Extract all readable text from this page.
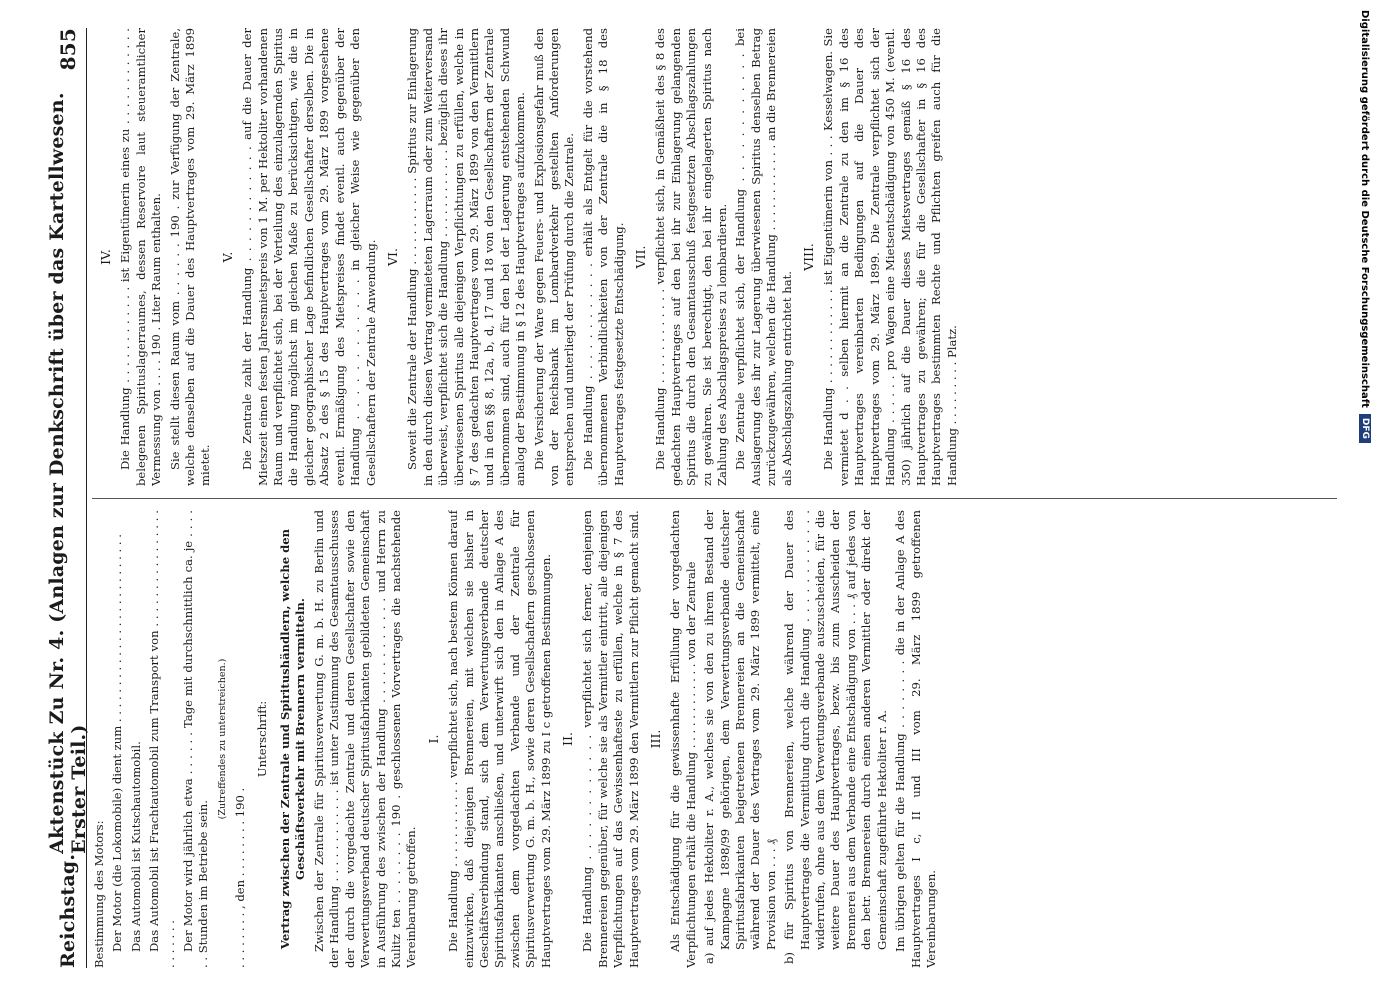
Reichstag.
Aktenstück Zu Nr. 4. (Anlagen zur Denkschrift über das Kartellwesen. Erster Teil.)
855

Bestimmung des Motors: Der Motor (die Lokomobile) dient zum . . . . . . . . . . . . . . . . . . . . . . . . . . Das Automobil ist Kutschautomobil. Das Automobil ist Frachtautomobil zum Transport von . . . . . . . . . . . . . . . . . . . . . . . Der Motor wird jährlich etwa . . . . . . Tage mit durchschnittlich ca. je . . . . . . Stunden im Betriebe sein.

(Zutreffendes zu unterstreichen.)

. . . . . . . . , den . . . . . . . . 190 .

Unterschrift: Vertrag zwischen der Zentrale und Spiritushändlern, welche den Geschäftsverkehr mit Brennern vermitteln. Zwischen der Zentrale für Spiritusverwertung G. m. b. H. zu Berlin und der Handlung . . . . . . . . . . . . ist unter Zustimmung des Gesamtausschusses der durch die vorgedachte Zentrale und deren Gesellschafter sowie den Verwertungsverband deutscher Spiritusfabrikanten gebildeten Gemeinschaft in Ausführung des zwischen der Handlung . . . . . . . . . . . . und Herrn zu Kulitz ten . . . . . . . . 190 . geschlossenen Vorvertrages die nachstehende Vereinbarung getroffen.

I. Die Handlung . . . . . . . . . . . . verpflichtet sich, nach bestem Können darauf einzuwirken, daß diejenigen Brennereien, mit welchen sie bisher in Geschäftsverbindung stand, sich dem Verwertungsverbande deutscher Spiritusfabrikanten anschließen, und unterwirft sich den in Anlage A des zwischen dem vorgedachten Verbande und der Zentrale für Spiritusverwertung G. m. b. H., sowie deren Gesellschaftern geschlossenen Hauptvertrages vom 29. März 1899 zu I c getroffenen Bestimmungen. II. Die Handlung . . . . . . . . . . . . verpflichtet sich ferner, denjenigen Brennereien gegenüber, für welche sie als Vermittler eintritt, alle diejenigen Verpflichtungen auf das Gewissenhafteste zu erfüllen, welche in § 7 des Hauptvertrages vom 29. März 1899 den Vermittlern zur Pflicht gemacht sind. III. Als Entschädigung für die gewissenhafte Erfüllung der vorgedachten Verpflichtungen erhält die Handlung . . . . . . . . . . . . von der Zentrale a) auf jedes Hektoliter r. A., welches sie von den zu ihrem Bestand der Kampagne 1898/99 gehörigen, dem Verwertungsverbande deutscher Spiritusfabrikanten beigetretenen Brennereien an die Gemeinschaft während der Dauer des Vertrages vom 29. März 1899 vermittelt, eine Provision von . . . ₰ b) für Spiritus von Brennereien, welche während der Dauer des Hauptvertrages die Vermittlung durch die Handlung . . . . . . . . . . . . widerrufen, ohne aus dem Verwertungsverbande auszuscheiden, für die weitere Dauer des Hauptvertrages, bezw. bis zum Ausscheiden der Brennerei aus dem Verbande eine Entschädigung von . . . ₰ auf jedes von den betr. Brennereien durch einen anderen Vermittler oder direkt der Gemeinschaft zugeführte Hektoliter r. A. Im übrigen gelten für die Handlung . . . . . . . . die in der Anlage A des Hauptvertrages I c, II und III vom 29. März 1899 getroffenen Vereinbarungen.

IV. Die Handlung . . . . . . . . . . . . ist Eigentümerin eines zu . . . . . . . . . . . . belegenen Spirituslagerraumes, dessen Reservoire laut steueramtlicher Vermessung von . . . . 190 . Liter Raum enthalten. Sie stellt diesen Raum vom . . . . . . 190 . zur Verfügung der Zentrale, welche denselben auf die Dauer des Hauptvertrages vom 29. März 1899 mietet.

V. Die Zentrale zahlt der Handlung . . . . . . . . . . . . auf die Dauer der Mietszeit einen festen Jahresmietspreis von 1 M. per Hektoliter vorhandenen Raum und verpflichtet sich, bei der Verteilung des einzulagernden Spiritus die Handlung möglichst im gleichen Maße zu berücksichtigen, wie die in gleicher geographischer Lage befindlichen Gesellschafter derselben. Die in Absatz 2 des § 15 des Hauptvertrages vom 29. März 1899 vorgesehene eventl. Ermäßigung des Mietspreises findet eventl. auch gegenüber der Handlung . . . . . . . . . . . . in gleicher Weise wie gegenüber den Gesellschaftern der Zentrale Anwendung. VI. Soweit die Zentrale der Handlung . . . . . . . . . . . . Spiritus zur Einlagerung in den durch diesen Vertrag vermieteten Lagerraum oder zum Weiterversand überweist, verpflichtet sich die Handlung . . . . . . . . . . . . bezüglich dieses ihr überwiesenen Spiritus alle diejenigen Verpflichtungen zu erfüllen, welche in § 7 des gedachten Hauptvertrages vom 29. März 1899 von den Vermittlern und in den §§ 8, 12a, b, d, 17 und 18 von den Gesellschaftern der Zentrale übernommen sind, auch für den bei der Lagerung entstehenden Schwund analog der Bestimmung in § 12 des Hauptvertrages aufzukommen. Die Versicherung der Ware gegen Feuers- und Explosionsgefahr muß den von der Reichsbank im Lombardverkehr gestellten Anforderungen entsprechen und unterliegt der Prüfung durch die Zentrale. Die Handlung . . . . . . . . . . . . erhält als Entgelt für die vorstehend übernommenen Verbindlichkeiten von der Zentrale die in § 18 des Hauptvertrages festgesetzte Entschädigung. VII. Die Handlung . . . . . . . . . . . . verpflichtet sich, in Gemäßheit des § 8 des gedachten Hauptvertrages auf den bei ihr zur Einlagerung gelangenden Spiritus die durch den Gesamtausschuß festgesetzten Abschlagszahlungen zu gewähren. Sie ist berechtigt, den bei ihr eingelagerten Spiritus nach Zahlung des Abschlagspreises zu lombardieren. Die Zentrale verpflichtet sich, der Handlung . . . . . . . . . . . . bei Auslagerung des ihr zur Lagerung überwiesenen Spiritus denselben Betrag zurückzugewähren, welchen die Handlung . . . . . . . . . . . . an die Brennereien als Abschlagszahlung entrichtet hat.

VIII. Die Handlung . . . . . . . . . . . . ist Eigentümerin von . . . Kesselwagen. Sie vermietet d . . selben hiermit an die Zentrale zu den im § 16 des Hauptvertrages vereinbarten Bedingungen auf die Dauer des Hauptvertrages vom 29. März 1899. Die Zentrale verpflichtet sich der Handlung . . . . . . pro Wagen eine Mietsentschädigung von 450 M. (eventl. 350) jährlich auf die Dauer dieses Mietsvertrages gemäß § 16 des Hauptvertrages zu gewähren; die für die Gesellschafter in § 16 des Hauptvertrages bestimmten Rechte und Pflichten greifen auch für die Handlung . . . . . . . . . Platz.	Digitalisierung gefördert durch die Deutsche Forschungsgemeinschaft
DFG
